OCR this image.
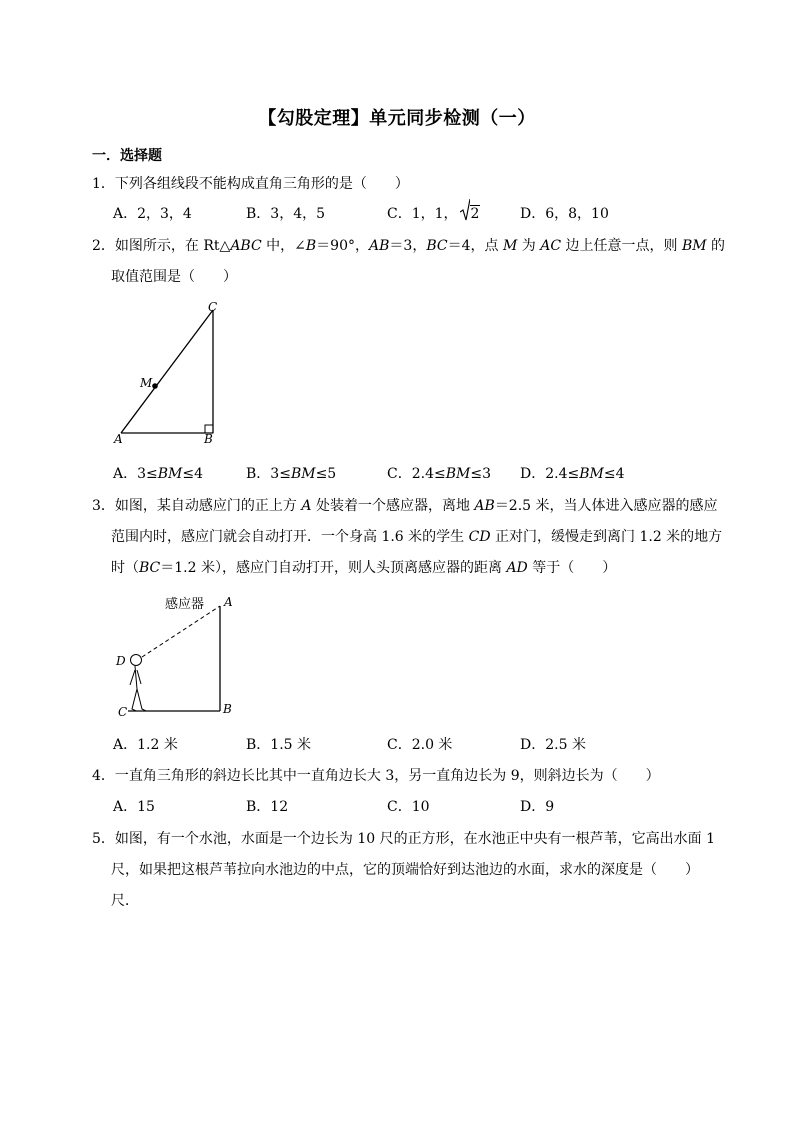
【勾股定理】单元同步检测（一）
一．选择题
1．下列各组线段不能构成直角三角形的是（　　）
A．2，3，4	B．3，4，5	C．1，1， 2	D．6，8，10
2．如图所示，在 Rt△ABC 中，∠B＝90°，AB＝3，BC＝4，点 M 为 AC 边上任意一点，则 BM 的
取值范围是（　　）
A	B
C
M
A．3≤BM≤4	B．3≤BM≤5	C．2.4≤BM≤3 D．2.4≤BM≤4
3．如图，某自动感应门的正上方 A 处装着一个感应器，离地 AB＝2.5 米，当人体进入感应器的感应
范围内时，感应门就会自动打开．一个身高 1.6 米的学生 CD 正对门，缓慢走到离门 1.2 米的地方
时（BC＝1.2 米），感应门自动打开，则人头顶离感应器的距离 AD 等于（　　）
感应器 A
B
C
D
A．1.2 米	B．1.5 米	C．2.0 米	D．2.5 米
4．一直角三角形的斜边长比其中一直角边长大 3，另一直角边长为 9，则斜边长为（　　）
A．15	B．12	C．10	D．9
5．如图，有一个水池，水面是一个边长为 10 尺的正方形，在水池正中央有一根芦苇，它高出水面 1
尺，如果把这根芦苇拉向水池边的中点，它的顶端恰好到达池边的水面，求水的深度是（　　）
尺．
